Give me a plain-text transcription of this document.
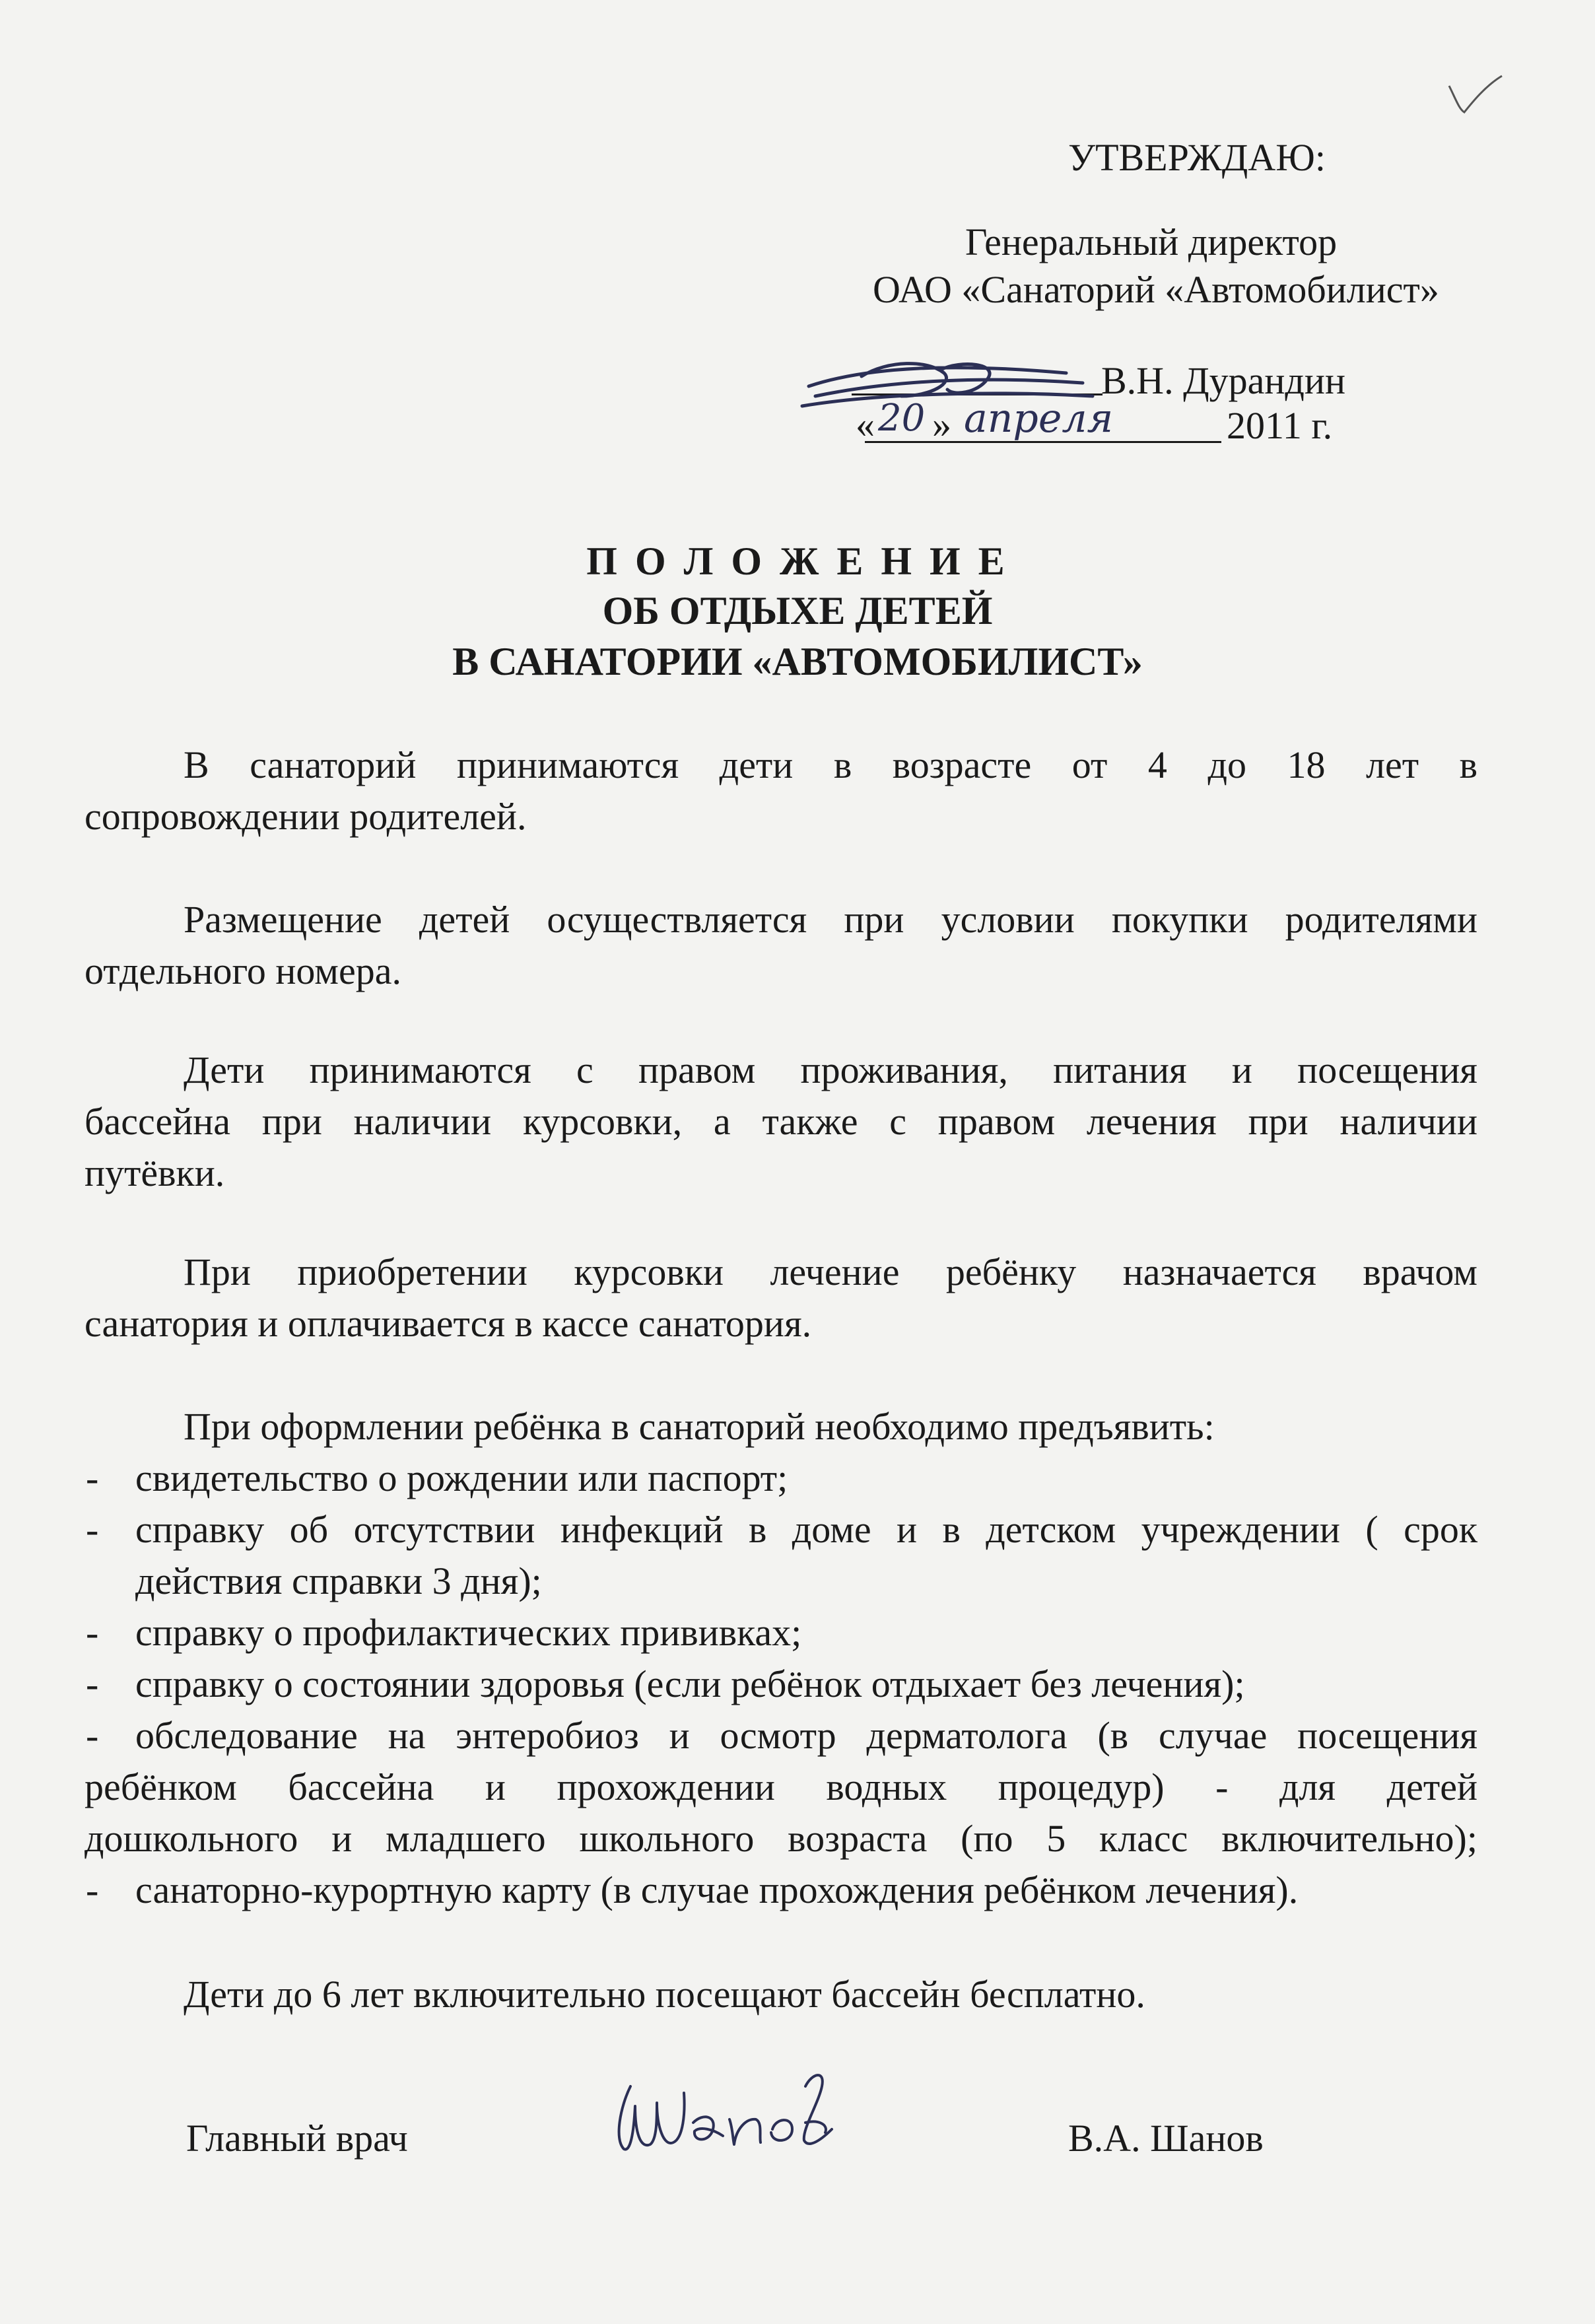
УТВЕРЖДАЮ:
Генеральный директор
ОАО «Санаторий «Автомобилист»
В.Н. Дурандин
« 20 » апреля	2011 г.
П О Л О Ж Е Н И Е
ОБ ОТДЫХЕ ДЕТЕЙ
В САНАТОРИИ «АВТОМОБИЛИСТ»
В санаторий принимаются дети в возрасте от 4 до 18 лет в
сопровождении родителей.
Размещение детей осуществляется при условии покупки родителями
отдельного номера.
Дети принимаются с правом проживания, питания и посещения
бассейна при наличии курсовки, а также с правом лечения при наличии
путёвки.
При приобретении курсовки лечение ребёнку назначается врачом
санатория и оплачивается в кассе санатория.
При оформлении ребёнка в санаторий необходимо предъявить:
- свидетельство о рождении или паспорт;
- справку об отсутствии инфекций в доме и в детском учреждении ( срок
действия справки 3 дня);
- справку о профилактических прививках;
- справку о состоянии здоровья (если ребёнок отдыхает без лечения);
- обследование на энтеробиоз и осмотр дерматолога (в случае посещения
ребёнком бассейна и прохождении водных процедур) - для детей
дошкольного и младшего школьного возраста (по 5 класс включительно);
- санаторно-курортную карту (в случае прохождения ребёнком лечения).
Дети до 6 лет включительно посещают бассейн бесплатно.
Главный врач	В.А. Шанов
